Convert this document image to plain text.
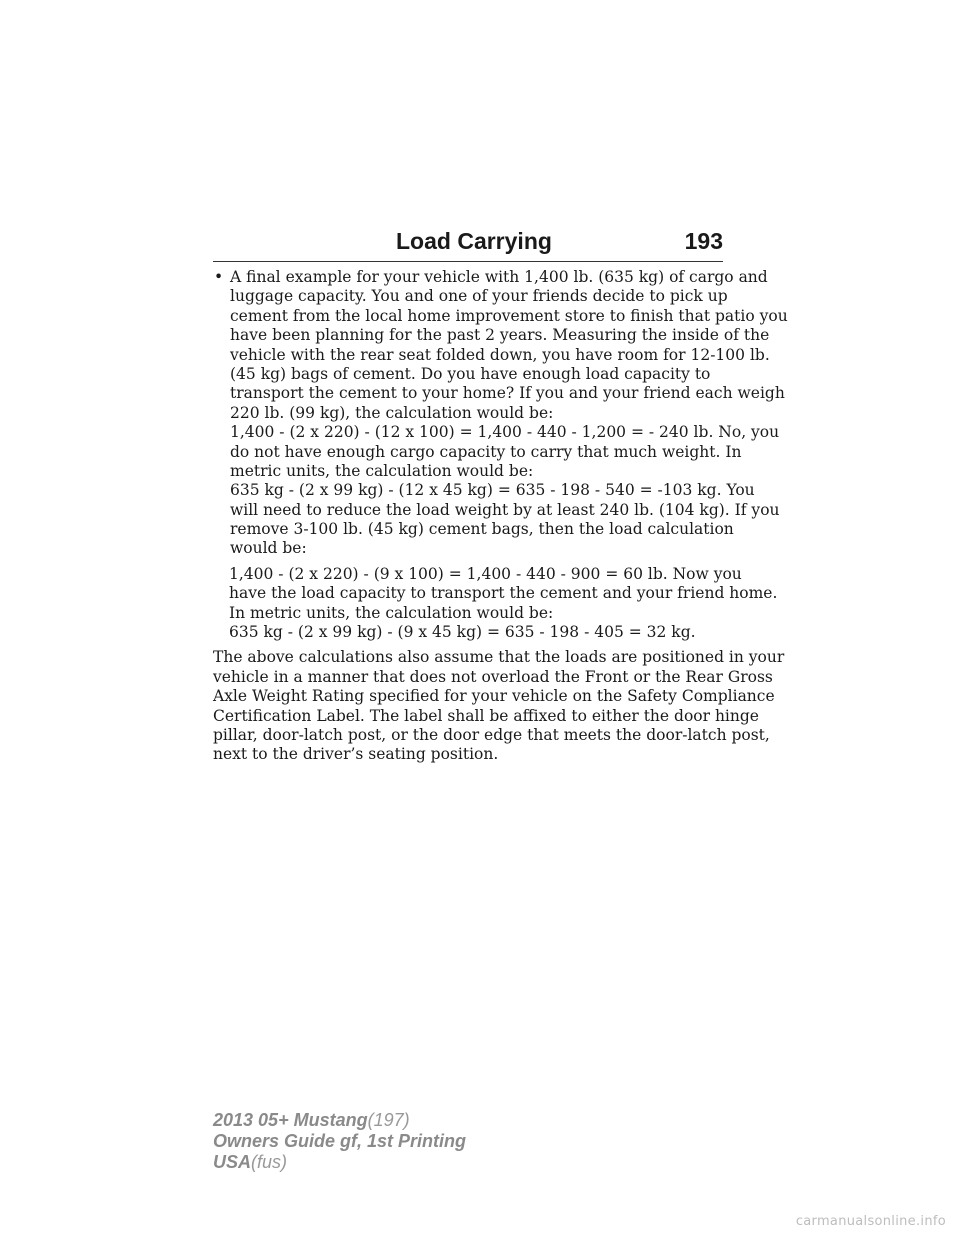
Load Carrying	193
• A final example for your vehicle with 1,400 lb. (635 kg) of cargo and
luggage capacity. You and one of your friends decide to pick up
cement from the local home improvement store to finish that patio you
have been planning for the past 2 years. Measuring the inside of the
vehicle with the rear seat folded down, you have room for 12-100 lb.
(45 kg) bags of cement. Do you have enough load capacity to
transport the cement to your home? If you and your friend each weigh
220 lb. (99 kg), the calculation would be:
1,400 - (2 x 220) - (12 x 100) = 1,400 - 440 - 1,200 = - 240 lb. No, you
do not have enough cargo capacity to carry that much weight. In
metric units, the calculation would be:
635 kg - (2 x 99 kg) - (12 x 45 kg) = 635 - 198 - 540 = -103 kg. You
will need to reduce the load weight by at least 240 lb. (104 kg). If you
remove 3-100 lb. (45 kg) cement bags, then the load calculation
would be:
1,400 - (2 x 220) - (9 x 100) = 1,400 - 440 - 900 = 60 lb. Now you
have the load capacity to transport the cement and your friend home.
In metric units, the calculation would be:
635 kg - (2 x 99 kg) - (9 x 45 kg) = 635 - 198 - 405 = 32 kg.
The above calculations also assume that the loads are positioned in your
vehicle in a manner that does not overload the Front or the Rear Gross
Axle Weight Rating specified for your vehicle on the Safety Compliance
Certification Label. The label shall be affixed to either the door hinge
pillar, door-latch post, or the door edge that meets the door-latch post,
next to the driver’s seating position.
2013 05+ Mustang(197)
Owners Guide gf, 1st Printing
USA(fus)
carmanualsonline.info
